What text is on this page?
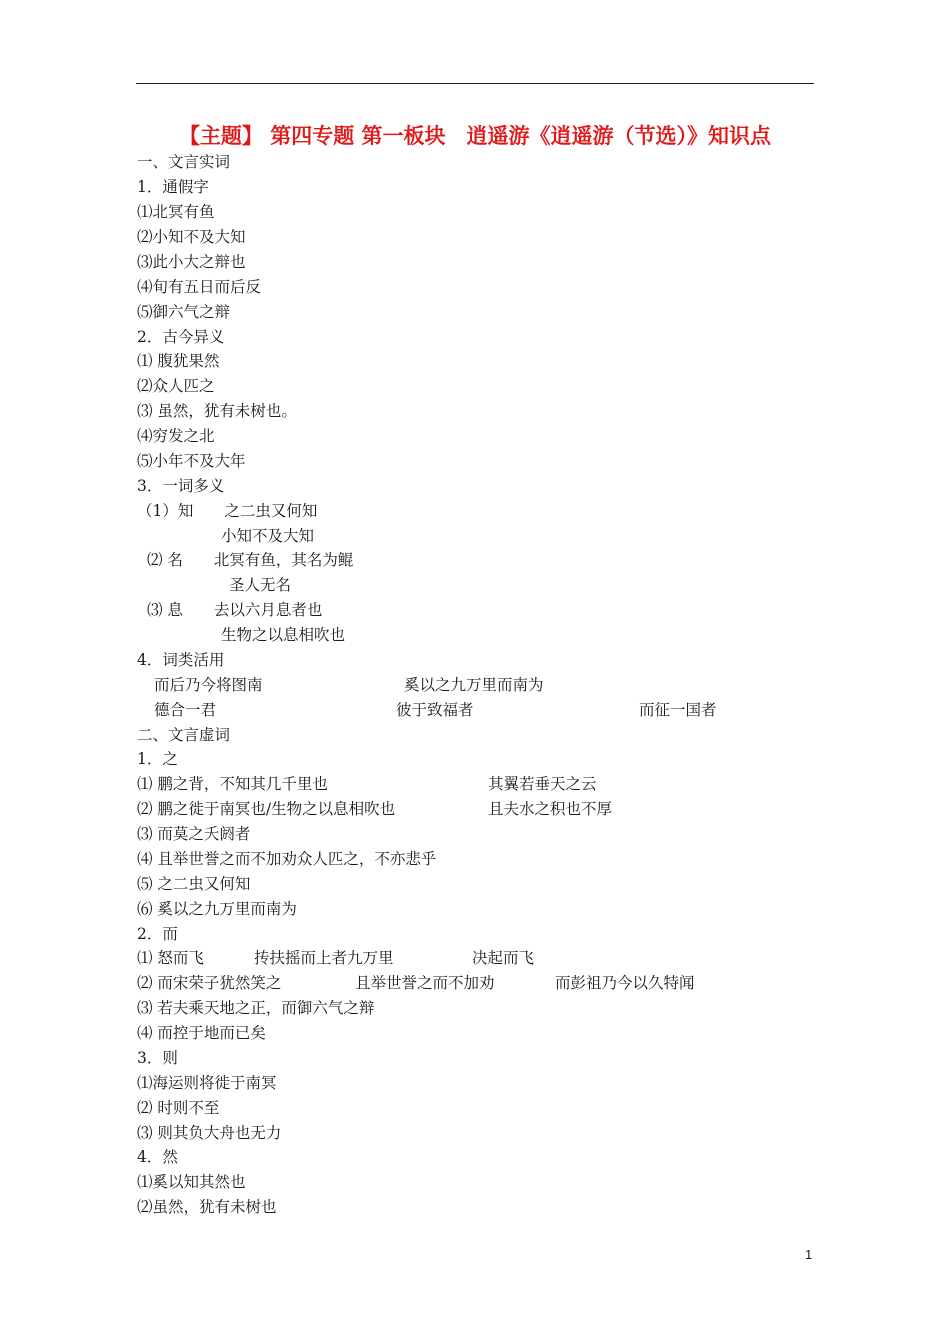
【主题】 第四专题 第一板块　逍遥游《逍遥游（节选）》知识点
一、文言实词
1．通假字
⑴北冥有鱼
⑵小知不及大知
⑶此小大之辩也
⑷旬有五日而后反
⑸御六气之辩
2．古今异义
⑴ 腹犹果然
⑵众人匹之
⑶ 虽然，犹有未树也。
⑷穷发之北
⑸小年不及大年
3．一词多义
（1）知　　之二虫又何知
小知不及大知
⑵ 名　　北冥有鱼，其名为鲲
圣人无名
⑶ 息　　去以六月息者也
生物之以息相吹也
4．词类活用
而后乃今将图南	奚以之九万里而南为
德合一君	彼于致福者	而征一国者
二、文言虚词
1．之
⑴ 鹏之背，不知其几千里也	其翼若垂天之云
⑵ 鹏之徙于南冥也/生物之以息相吹也	且夫水之积也不厚
⑶ 而莫之夭阏者
⑷ 且举世誉之而不加劝众人匹之，不亦悲乎
⑸ 之二虫又何知
⑹ 奚以之九万里而南为
2．而
⑴ 怒而飞	抟扶摇而上者九万里	决起而飞
⑵ 而宋荣子犹然笑之	且举世誉之而不加劝	而彭祖乃今以久特闻
⑶ 若夫乘天地之正，而御六气之辩
⑷ 而控于地而已矣
3．则
⑴海运则将徙于南冥
⑵ 时则不至
⑶ 则其负大舟也无力
4．然
⑴奚以知其然也
⑵虽然，犹有未树也
1
